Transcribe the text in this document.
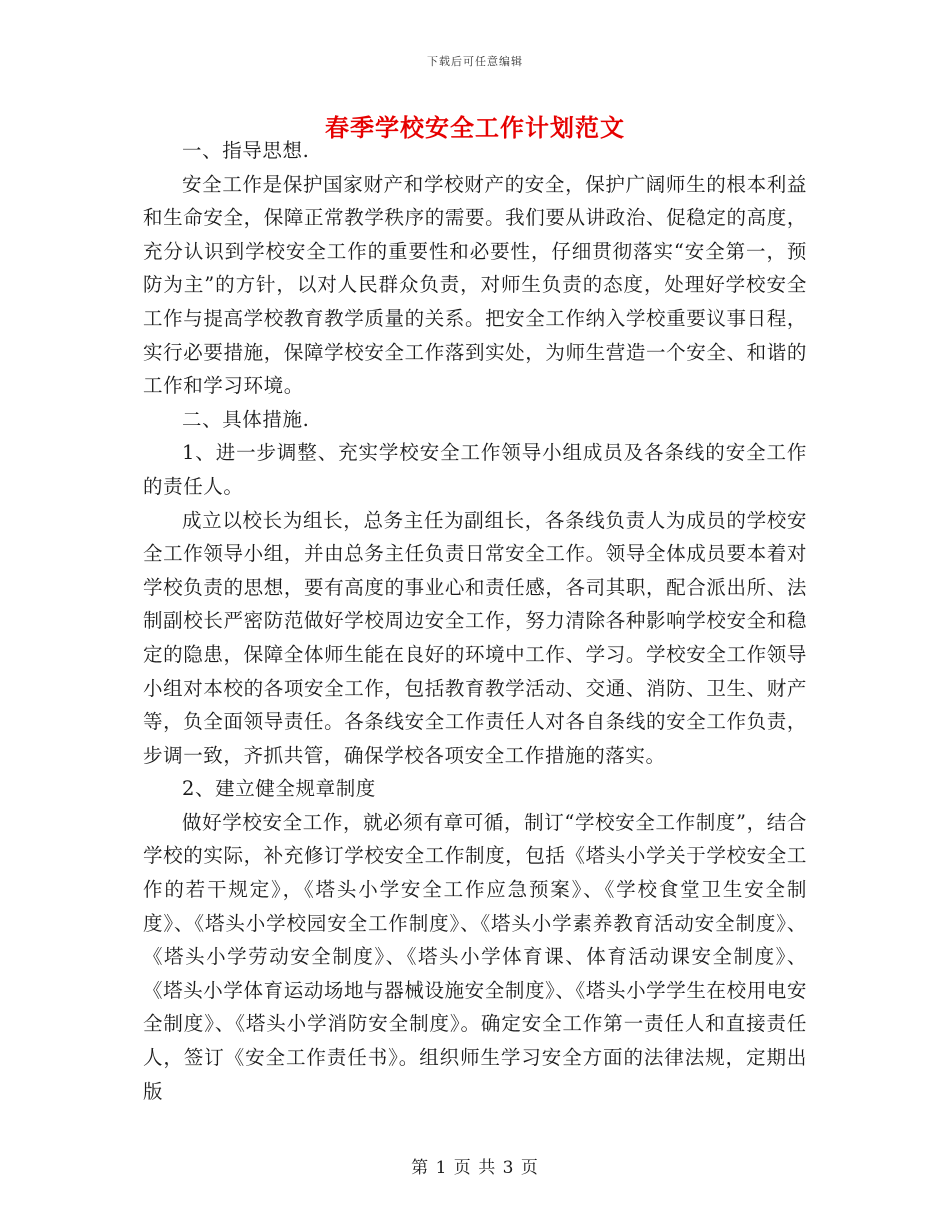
下载后可任意编辑
春季学校安全工作计划范文

一、指导思想.

安全工作是保护国家财产和学校财产的安全，保护广阔师生的根本利益和生命安全，保障正常教学秩序的需要。我们要从讲政治、促稳定的高度，充分认识到学校安全工作的重要性和必要性，仔细贯彻落实“安全第一，预防为主”的方针，以对人民群众负责，对师生负责的态度，处理好学校安全工作与提高学校教育教学质量的关系。把安全工作纳入学校重要议事日程，实行必要措施，保障学校安全工作落到实处，为师生营造一个安全、和谐的工作和学习环境。

二、具体措施.

1、进一步调整、充实学校安全工作领导小组成员及各条线的安全工作的责任人。

成立以校长为组长，总务主任为副组长，各条线负责人为成员的学校安全工作领导小组，并由总务主任负责日常安全工作。领导全体成员要本着对学校负责的思想，要有高度的事业心和责任感，各司其职，配合派出所、法制副校长严密防范做好学校周边安全工作，努力清除各种影响学校安全和稳定的隐患，保障全体师生能在良好的环境中工作、学习。学校安全工作领导小组对本校的各项安全工作，包括教育教学活动、交通、消防、卫生、财产等，负全面领导责任。各条线安全工作责任人对各自条线的安全工作负责，步调一致，齐抓共管，确保学校各项安全工作措施的落实。

2、建立健全规章制度

做好学校安全工作，就必须有章可循，制订“学校安全工作制度”，结合学校的实际，补充修订学校安全工作制度，包括《塔头小学关于学校安全工作的若干规定》，《塔头小学安全工作应急预案》、《学校食堂卫生安全制度》、《塔头小学校园安全工作制度》、《塔头小学素养教育活动安全制度》、《塔头小学劳动安全制度》、《塔头小学体育课、体育活动课安全制度》、《塔头小学体育运动场地与器械设施安全制度》、《塔头小学学生在校用电安全制度》、《塔头小学消防安全制度》。确定安全工作第一责任人和直接责任人，签订《安全工作责任书》。组织师生学习安全方面的法律法规，定期出版

第 1 页 共 3 页
